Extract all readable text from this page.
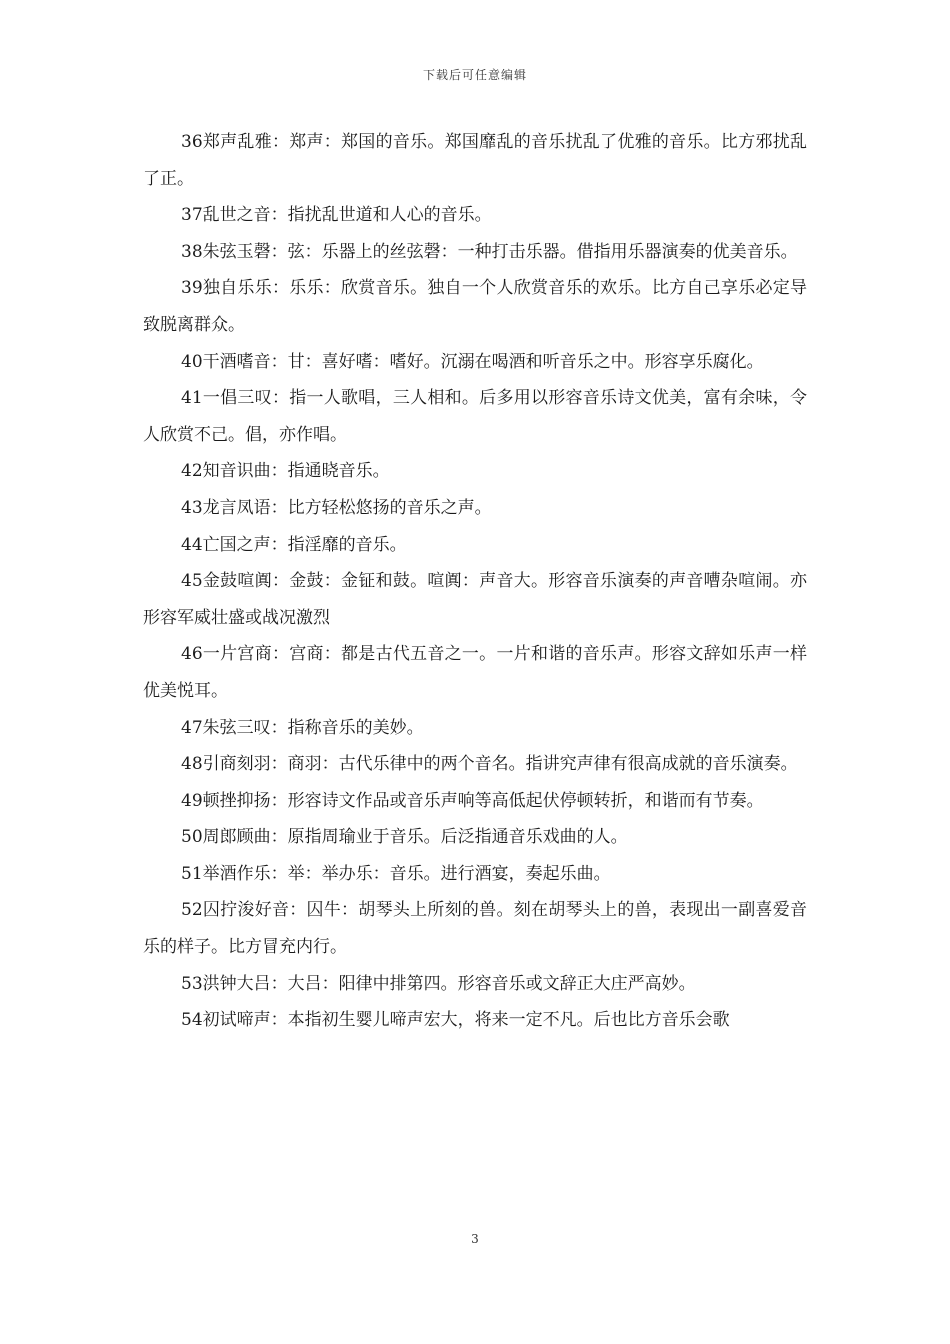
下载后可任意编辑

36郑声乱雅：郑声：郑国的音乐。郑国靡乱的音乐扰乱了优雅的音乐。比方邪扰乱了正。

37乱世之音：指扰乱世道和人心的音乐。

38朱弦玉磬：弦：乐器上的丝弦磬：一种打击乐器。借指用乐器演奏的优美音乐。

39独自乐乐：乐乐：欣赏音乐。独自一个人欣赏音乐的欢乐。比方自己享乐必定导致脱离群众。

40干酒嗜音：甘：喜好嗜：嗜好。沉溺在喝酒和听音乐之中。形容享乐腐化。

41一倡三叹：指一人歌唱，三人相和。后多用以形容音乐诗文优美，富有余味，令人欣赏不己。倡，亦作唱。

42知音识曲：指通晓音乐。

43龙言凤语：比方轻松悠扬的音乐之声。

44亡国之声：指淫靡的音乐。

45金鼓喧阗：金鼓：金钲和鼓。喧阗：声音大。形容音乐演奏的声音嘈杂喧闹。亦形容军威壮盛或战况激烈

46一片宫商：宫商：都是古代五音之一。一片和谐的音乐声。形容文辞如乐声一样优美悦耳。

47朱弦三叹：指称音乐的美妙。

48引商刻羽：商羽：古代乐律中的两个音名。指讲究声律有很高成就的音乐演奏。

49顿挫抑扬：形容诗文作品或音乐声响等高低起伏停顿转折，和谐而有节奏。

50周郎顾曲：原指周瑜业于音乐。后泛指通音乐戏曲的人。

51举酒作乐：举：举办乐：音乐。进行酒宴，奏起乐曲。

52囚拧浚好音：囚牛：胡琴头上所刻的兽。刻在胡琴头上的兽，表现出一副喜爱音乐的样子。比方冒充内行。

53洪钟大吕：大吕：阳律中排第四。形容音乐或文辞正大庄严高妙。

54初试啼声：本指初生婴儿啼声宏大，将来一定不凡。后也比方音乐会歌

3
